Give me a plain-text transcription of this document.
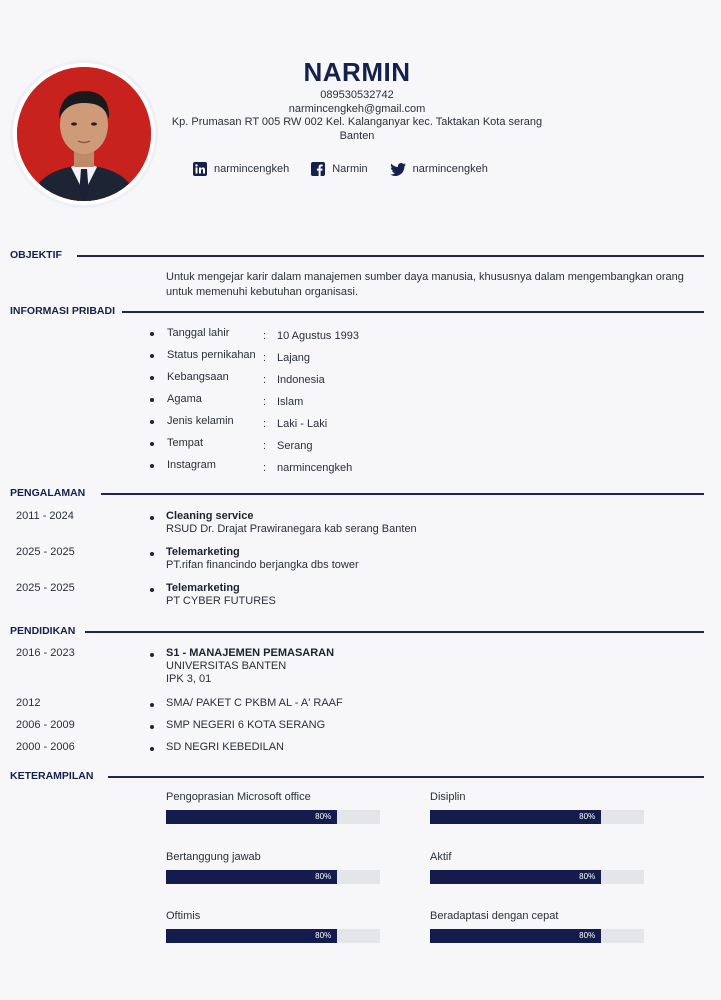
NARMIN
089530532742
narmincengkeh@gmail.com
Kp. Prumasan RT 005 RW 002 Kel. Kalanganyar kec. Taktakan Kota serang
Banten
narmincengkeh	Narmin	narmincengkeh
OBJEKTIF
Untuk mengejar karir dalam manajemen sumber daya manusia, khususnya dalam mengembangkan orang untuk memenuhi kebutuhan organisasi.
INFORMASI PRIBADI
Tanggal lahir	: 10 Agustus 1993
Status pernikahan : Lajang
Kebangsaan	: Indonesia
Agama	: Islam
Jenis kelamin	: Laki - Laki
Tempat	: Serang
Instagram	: narmincengkeh
PENGALAMAN
2011 - 2024	Cleaning service
RSUD Dr. Drajat Prawiranegara kab serang Banten
2025 - 2025	Telemarketing
PT.rifan financindo berjangka dbs tower
2025 - 2025	Telemarketing
PT CYBER FUTURES
PENDIDIKAN
2016 - 2023	S1 - MANAJEMEN PEMASARAN
UNIVERSITAS BANTEN
IPK 3, 01
2012	SMA/ PAKET C PKBM AL - A' RAAF
2006 - 2009	SMP NEGERI 6 KOTA SERANG
2000 - 2006	SD NEGRI KEBEDILAN
KETERAMPILAN
Pengoprasian Microsoft office
80%
Disiplin
80%
Bertanggung jawab
80%
Aktif
80%
Oftimis
80%
Beradaptasi dengan cepat
80%
